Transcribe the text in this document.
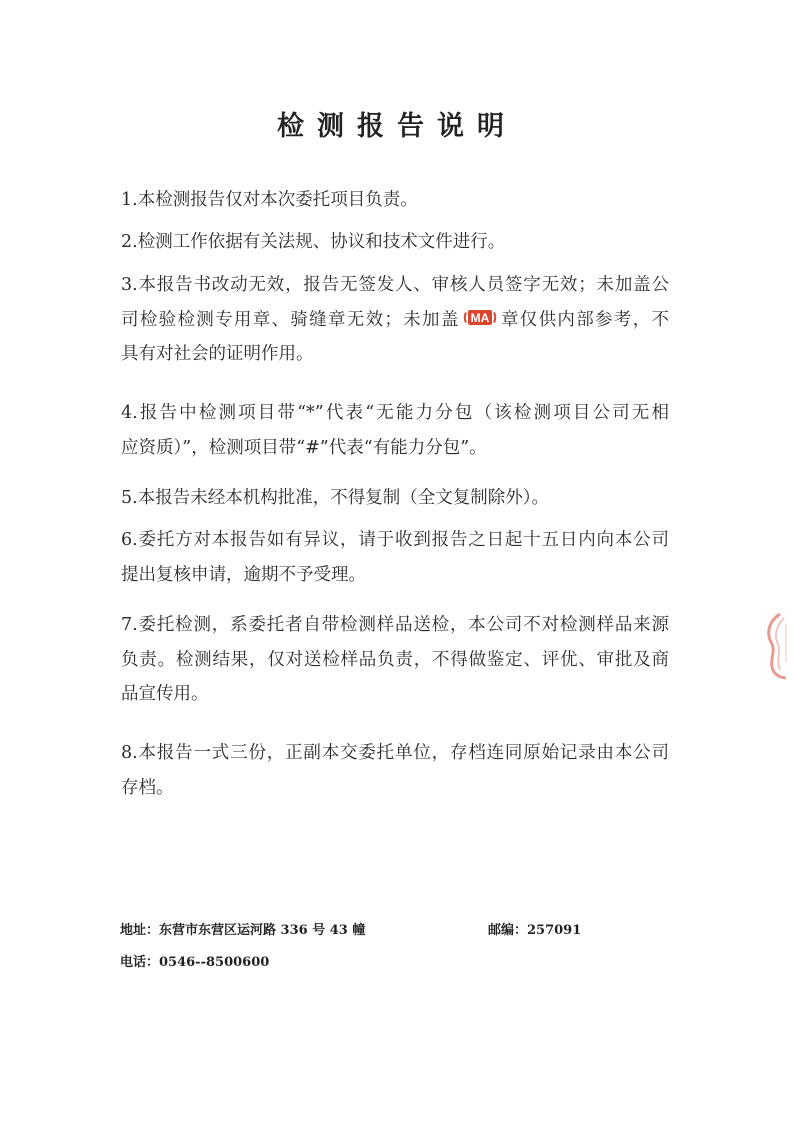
检测报告说明
1.本检测报告仅对本次委托项目负责。
2.检测工作依据有关法规、协议和技术文件进行。
3.本报告书改动无效，报告无签发人、审核人员签字无效；未加盖公
司检验检测专用章、骑缝章无效；未加盖 MA 章仅供内部参考，不
具有对社会的证明作用。
4.报告中检测项目带“*”代表“无能力分包（该检测项目公司无相
应资质）”，检测项目带“#”代表“有能力分包”。
5.本报告未经本机构批准，不得复制（全文复制除外）。
6.委托方对本报告如有异议，请于收到报告之日起十五日内向本公司
提出复核申请，逾期不予受理。
7.委托检测，系委托者自带检测样品送检，本公司不对检测样品来源
负责。检测结果，仅对送检样品负责，不得做鉴定、评优、审批及商
品宣传用。
8.本报告一式三份，正副本交委托单位，存档连同原始记录由本公司
存档。
地址：东营市东营区运河路 336 号 43 幢	邮编：257091
电话：0546--8500600
